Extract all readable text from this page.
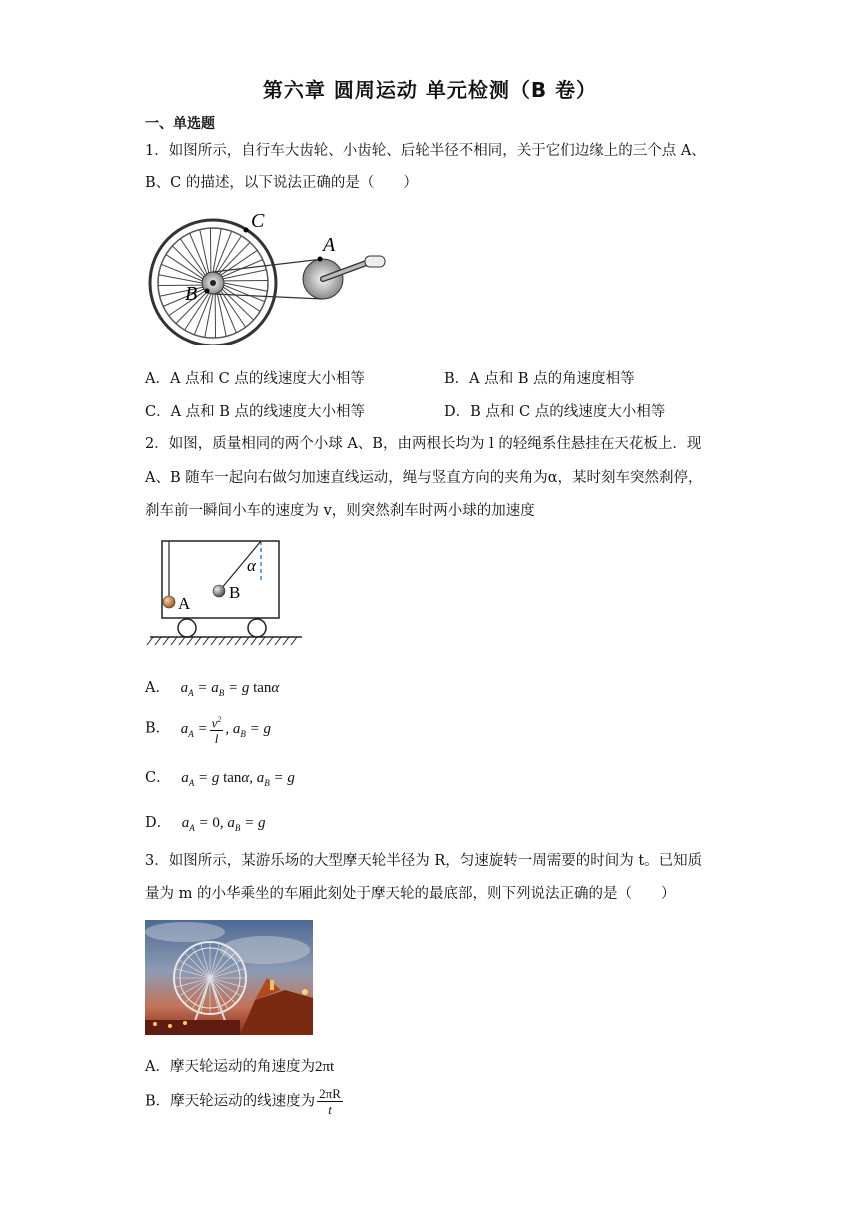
第六章 圆周运动 单元检测（B 卷）
一、单选题
1．如图所示，自行车大齿轮、小齿轮、后轮半径不相同，关于它们边缘上的三个点 A、
B、C 的描述，以下说法正确的是（　　）
C
A
B
A．A 点和 C 点的线速度大小相等	B．A 点和 B 点的角速度相等
C．A 点和 B 点的线速度大小相等	D．B 点和 C 点的线速度大小相等
2．如图，质量相同的两个小球 A、B，由两根长均为 l 的轻绳系住悬挂在天花板上．现
A、B 随车一起向右做匀加速直线运动，绳与竖直方向的夹角为α，某时刻车突然刹停，
刹车前一瞬间小车的速度为 v，则突然刹车时两小球的加速度
α
A
B
A． $a_A = a_B = g$ tanα
B． $a_A = \frac{v^2}{l}$ , $a_B = g$
C． $a_A = g$ tanα, $a_B = g$
D． $a_A = 0$, $a_B = g$
3．如图所示，某游乐场的大型摩天轮半径为 R，匀速旋转一周需要的时间为 t。已知质
量为 m 的小华乘坐的车厢此刻处于摩天轮的最底部，则下列说法正确的是（　　）
A．摩天轮运动的角速度为2πt
B．摩天轮运动的线速度为 $\frac{2\pi R}{t}$
